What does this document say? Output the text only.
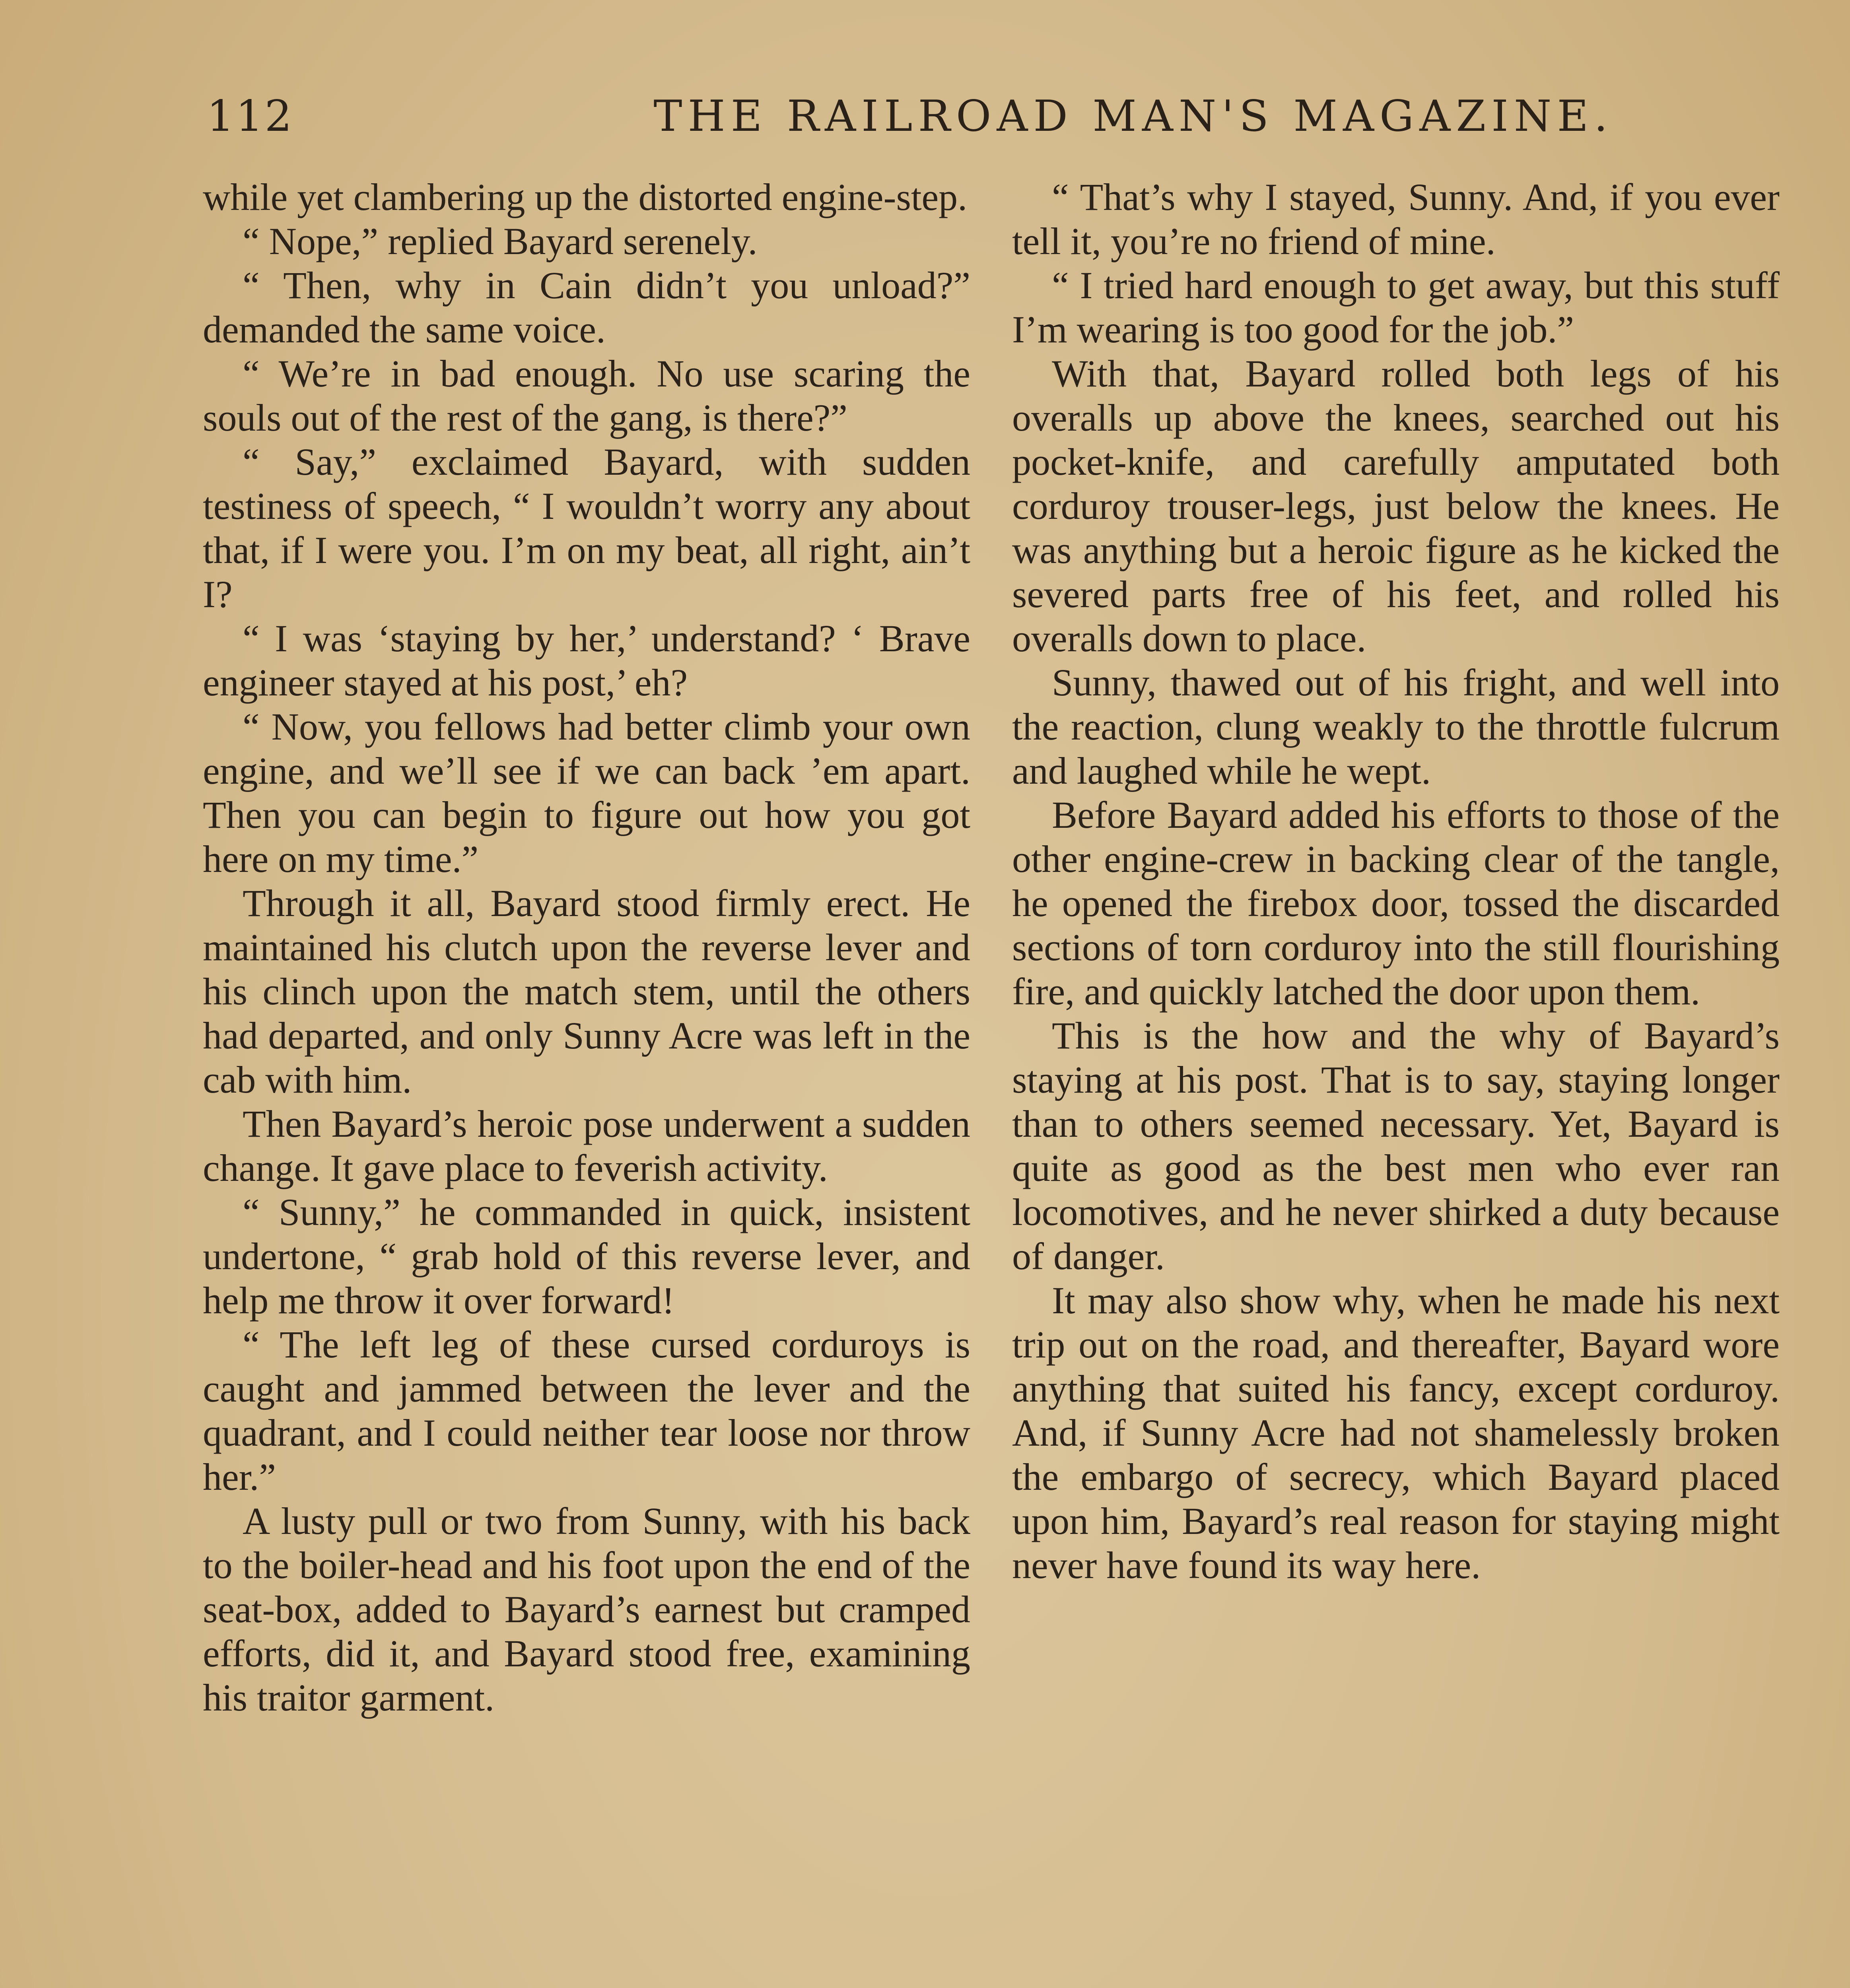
112	THE RAILROAD MAN'S MAGAZINE.

while yet clambering up the distorted engine-step.

“ Nope,” replied Bayard serenely.

“ Then, why in Cain didn’t you unload?” demanded the same voice.

“ We’re in bad enough. No use scaring the souls out of the rest of the gang, is there?”

“ Say,” exclaimed Bayard, with sudden testiness of speech, “ I wouldn’t worry any about that, if I were you. I’m on my beat, all right, ain’t I?

“ I was ‘staying by her,’ understand? ‘ Brave engineer stayed at his post,’ eh?

“ Now, you fellows had better climb your own engine, and we’ll see if we can back ’em apart. Then you can begin to figure out how you got here on my time.”

Through it all, Bayard stood firmly erect. He maintained his clutch upon the reverse lever and his clinch upon the match stem, until the others had departed, and only Sunny Acre was left in the cab with him.

Then Bayard’s heroic pose underwent a sudden change. It gave place to feverish activity.

“ Sunny,” he commanded in quick, insistent undertone, “ grab hold of this reverse lever, and help me throw it over forward!

“ The left leg of these cursed corduroys is caught and jammed between the lever and the quadrant, and I could neither tear loose nor throw her.”

A lusty pull or two from Sunny, with his back to the boiler-head and his foot upon the end of the seat-box, added to Bayard’s earnest but cramped efforts, did it, and Bayard stood free, examining his traitor garment.

“ That’s why I stayed, Sunny. And, if you ever tell it, you’re no friend of mine.

“ I tried hard enough to get away, but this stuff I’m wearing is too good for the job.”

With that, Bayard rolled both legs of his overalls up above the knees, searched out his pocket-knife, and carefully amputated both corduroy trouser-legs, just below the knees. He was anything but a heroic figure as he kicked the severed parts free of his feet, and rolled his overalls down to place.

Sunny, thawed out of his fright, and well into the reaction, clung weakly to the throttle fulcrum and laughed while he wept.

Before Bayard added his efforts to those of the other engine-crew in backing clear of the tangle, he opened the firebox door, tossed the discarded sections of torn corduroy into the still flourishing fire, and quickly latched the door upon them.

This is the how and the why of Bayard’s staying at his post. That is to say, staying longer than to others seemed necessary. Yet, Bayard is quite as good as the best men who ever ran locomotives, and he never shirked a duty because of danger.

It may also show why, when he made his next trip out on the road, and thereafter, Bayard wore anything that suited his fancy, except corduroy. And, if Sunny Acre had not shamelessly broken the embargo of secrecy, which Bayard placed upon him, Bayard’s real reason for staying might never have found its way here.
